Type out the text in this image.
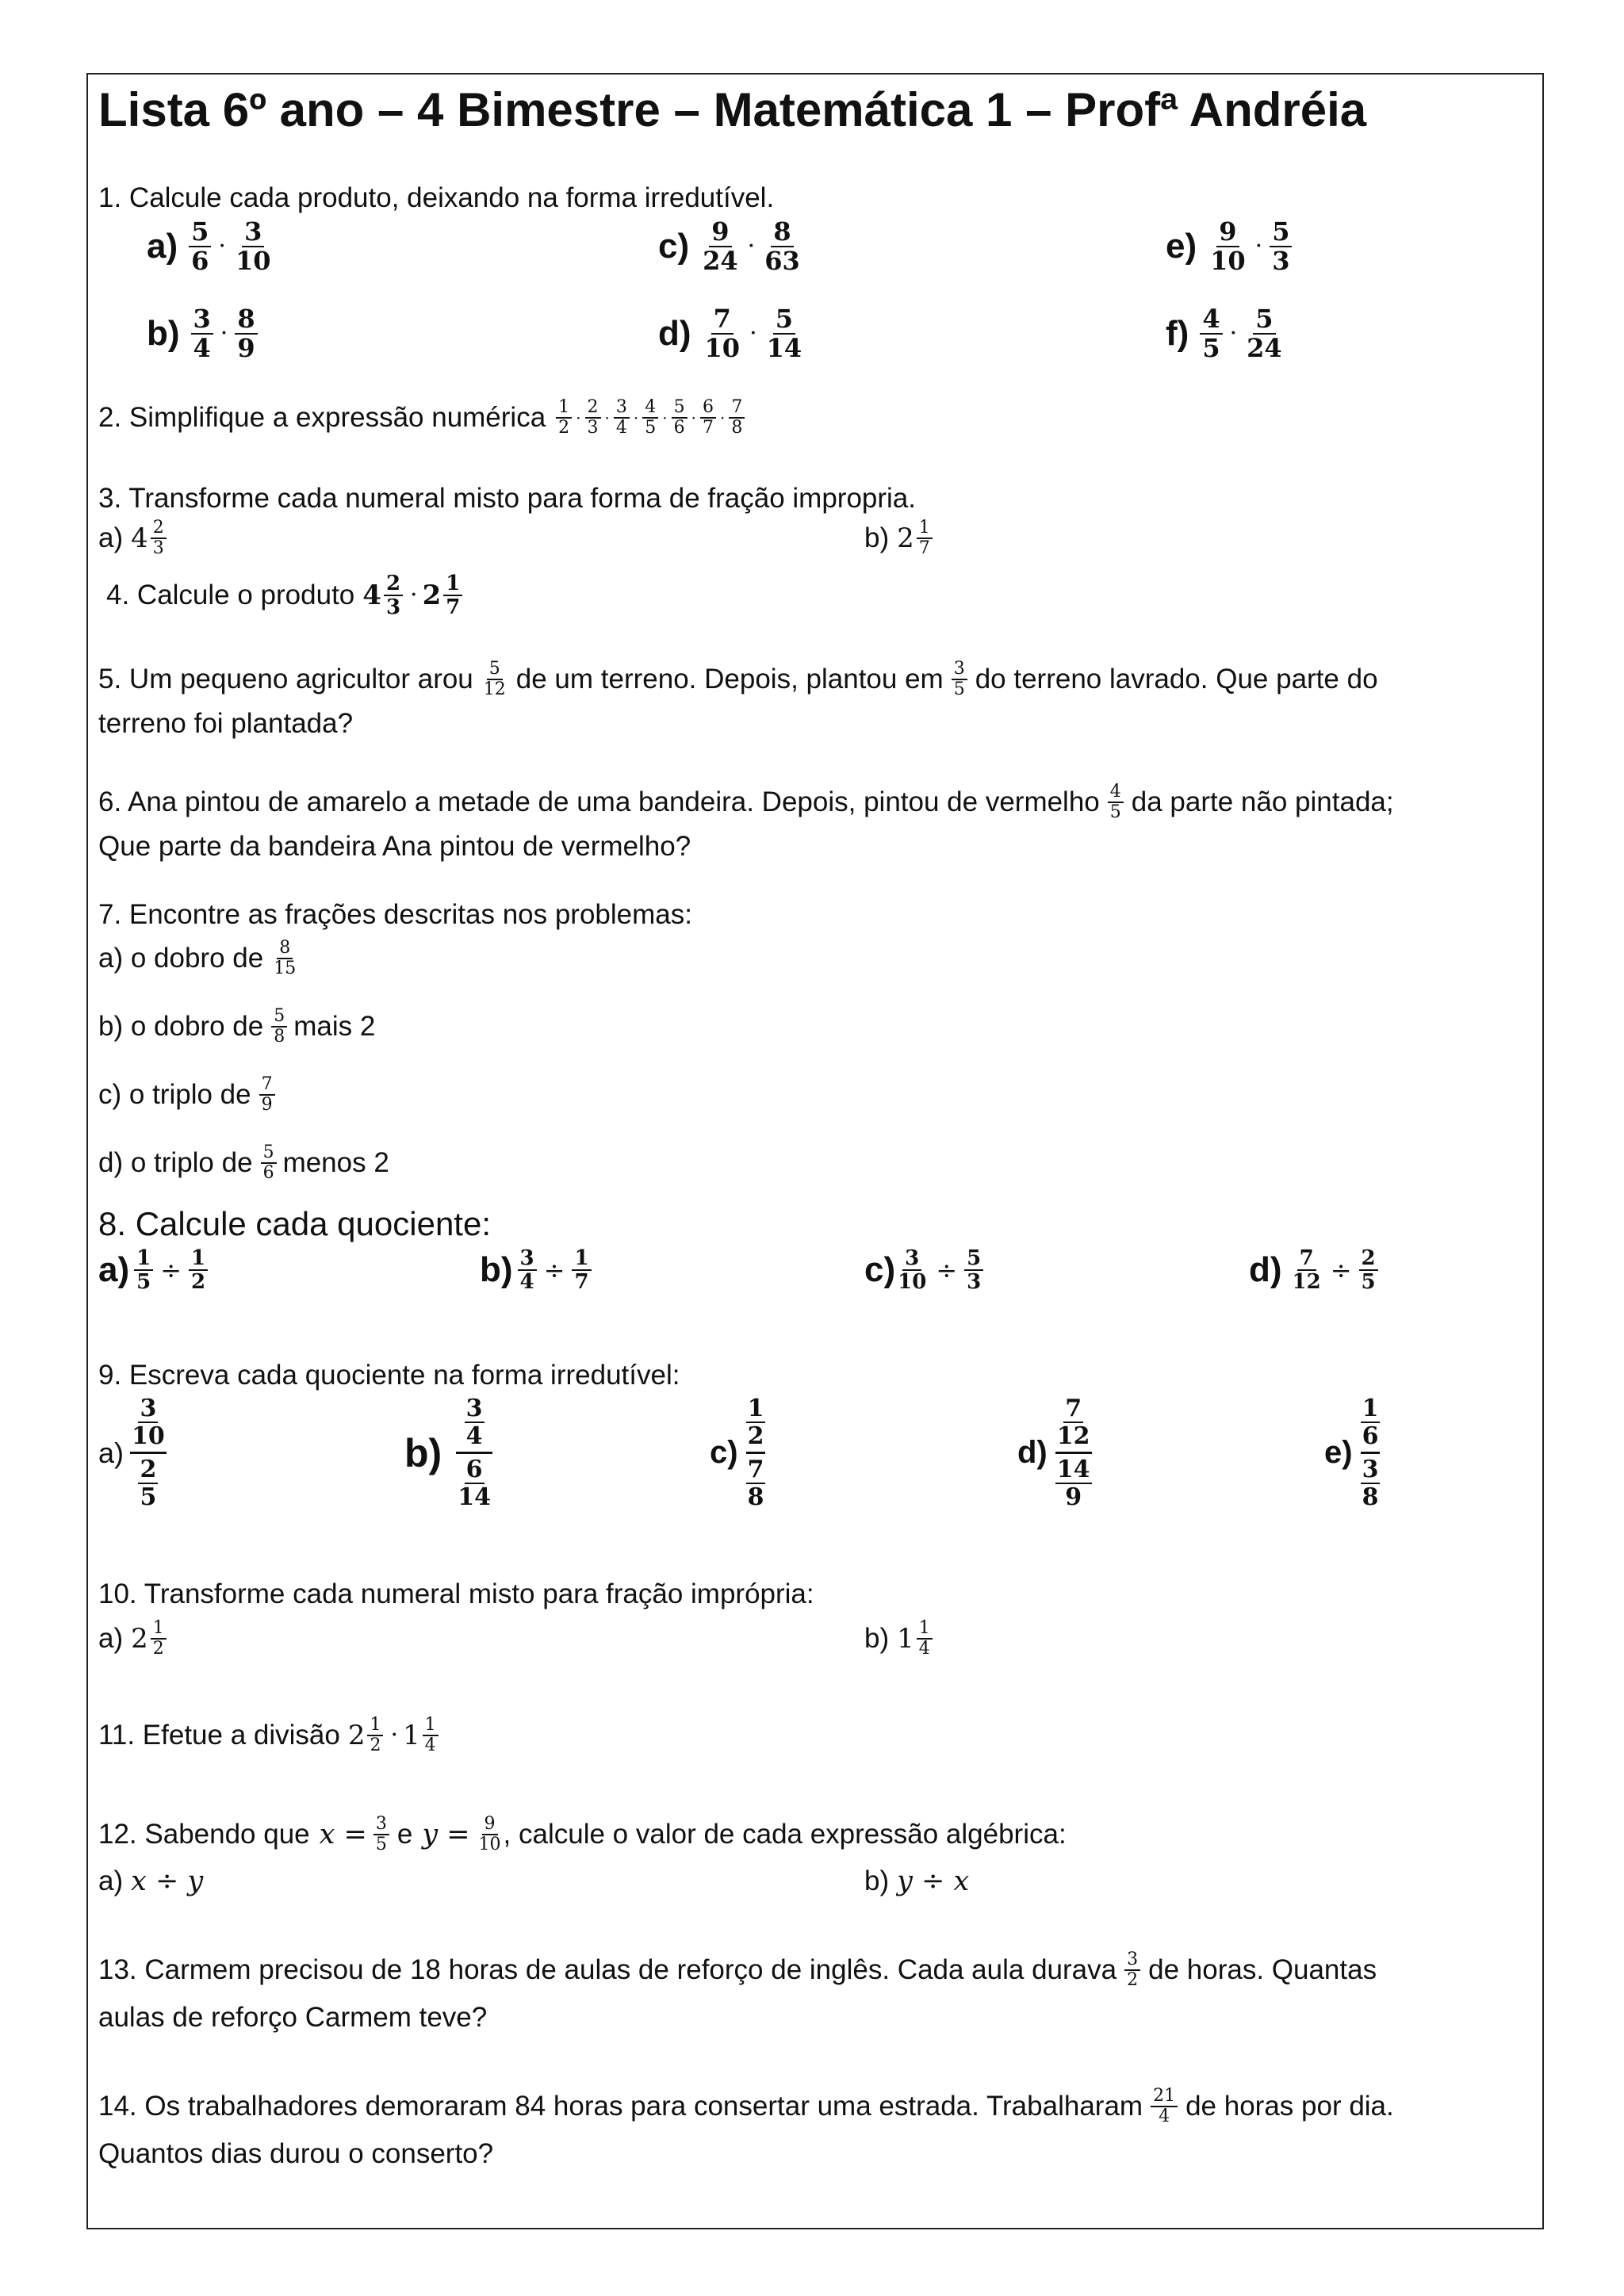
Lista 6º ano – 4 Bimestre – Matemática 1 – Profª Andréia
1. Calcule cada produto, deixando na forma irredutível.
$a) \frac{5}{6} \cdot \frac{3}{10}$	$c) \frac{9}{24} \cdot \frac{8}{63}$	$e) \frac{9}{10} \cdot \frac{5}{3}$
$b) \frac{3}{4} \cdot \frac{8}{9}$	$d) \frac{7}{10} \cdot \frac{5}{14}$	$f) \frac{4}{5} \cdot \frac{5}{24}$
2. Simplifique a expressão numérica $\frac{1}{2} \cdot \frac{2}{3} \cdot \frac{3}{4} \cdot \frac{4}{5} \cdot \frac{5}{6} \cdot \frac{6}{7} \cdot \frac{7}{8}$
3. Transforme cada numeral misto para forma de fração impropria.
a) $4 \frac{2}{3}$	b) $2 \frac{1}{7}$
4. Calcule o produto $4 \frac{2}{3} \cdot 2 \frac{1}{7}$
5. Um pequeno agricultor arou $\frac{5}{12}$ de um terreno. Depois, plantou em $\frac{3}{5}$ do terreno lavrado. Que parte do
terreno foi plantada?
6. Ana pintou de amarelo a metade de uma bandeira. Depois, pintou de vermelho $\frac{4}{5}$ da parte não pintada;
Que parte da bandeira Ana pintou de vermelho?
7. Encontre as frações descritas nos problemas:
a) o dobro de $\frac{8}{15}$
b) o dobro de $\frac{5}{8}$ mais 2
c) o triplo de $\frac{7}{9}$
d) o triplo de $\frac{5}{6}$ menos 2
8. Calcule cada quociente:
$a) \frac{1}{5} \div \frac{1}{2}$	$b) \frac{3}{4} \div \frac{1}{7}$	$c) \frac{3}{10} \div \frac{5}{3}$	$d) \frac{7}{12} \div \frac{2}{5}$
9. Escreva cada quociente na forma irredutível:
a)
3
10
2
5
b)
3
4
6
14
c)
1
2
7
8
d)
7
12
14
9
e)
1
6
3
8
10. Transforme cada numeral misto para fração imprópria:
a) $2 \frac{1}{2}$	b) $1 \frac{1}{4}$
11. Efetue a divisão $2 \frac{1}{2} \cdot 1 \frac{1}{4}$
12. Sabendo que $x = \frac{3}{5}$ e $y = \frac{9}{10}$ , calcule o valor de cada expressão algébrica:
a) x ÷ y	b) y ÷ x
13. Carmem precisou de 18 horas de aulas de reforço de inglês. Cada aula durava $\frac{3}{2}$ de horas. Quantas
aulas de reforço Carmem teve?
14. Os trabalhadores demoraram 84 horas para consertar uma estrada. Trabalharam $\frac{21}{4}$ de horas por dia.
Quantos dias durou o conserto?
